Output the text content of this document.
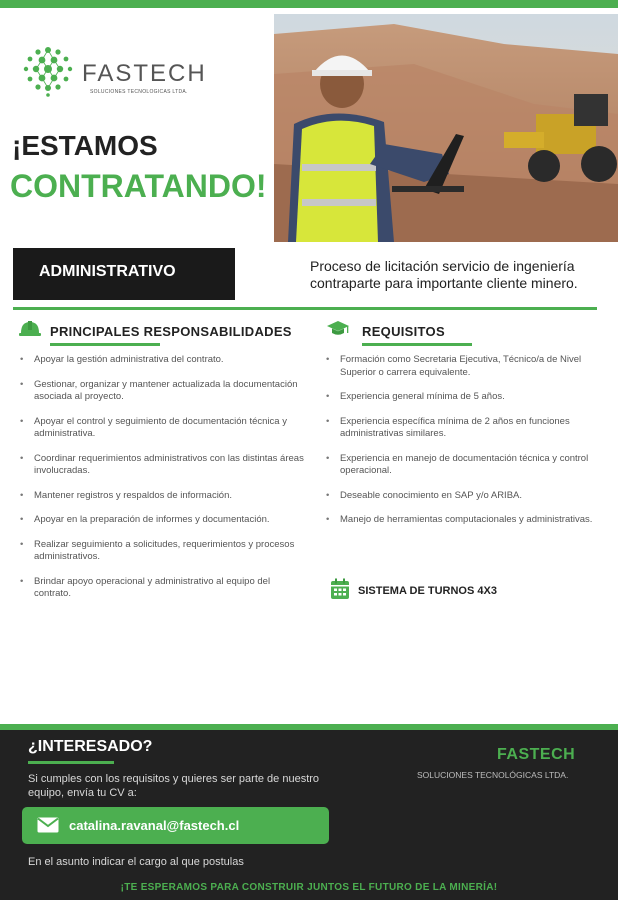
FASTECH
SOLUCIONES TECNOLOGICAS LTDA.
¡ESTAMOS
CONTRATANDO!
ADMINISTRATIVO	Proceso de licitación servicio de ingeniería contraparte para importante cliente minero.
PRINCIPALES RESPONSABILIDADES
• Apoyar la gestión administrativa del contrato.
• Gestionar, organizar y mantener actualizada la documentación asociada al proyecto.
• Apoyar el control y seguimiento de documentación técnica y administrativa.
• Coordinar requerimientos administrativos con las distintas áreas involucradas.
• Mantener registros y respaldos de información.
• Apoyar en la preparación de informes y documentación.
• Realizar seguimiento a solicitudes, requerimientos y procesos administrativos.
• Brindar apoyo operacional y administrativo al equipo del contrato.
REQUISITOS
• Formación como Secretaria Ejecutiva, Técnico/a de Nivel Superior o carrera equivalente.
• Experiencia general mínima de 5 años.
• Experiencia específica mínima de 2 años en funciones administrativas similares.
• Experiencia en manejo de documentación técnica y control operacional.
• Deseable conocimiento en SAP y/o ARIBA.
• Manejo de herramientas computacionales y administrativas.
SISTEMA DE TURNOS 4X3
¿INTERESADO?
Si cumples con los requisitos y quieres ser parte de nuestro equipo, envía tu CV a:
catalina.ravanal@fastech.cl
En el asunto indicar el cargo al que postulas
¡TE ESPERAMOS PARA CONSTRUIR JUNTOS EL FUTURO DE LA MINERÍA!
FASTECH
SOLUCIONES TECNOLÓGICAS LTDA.
